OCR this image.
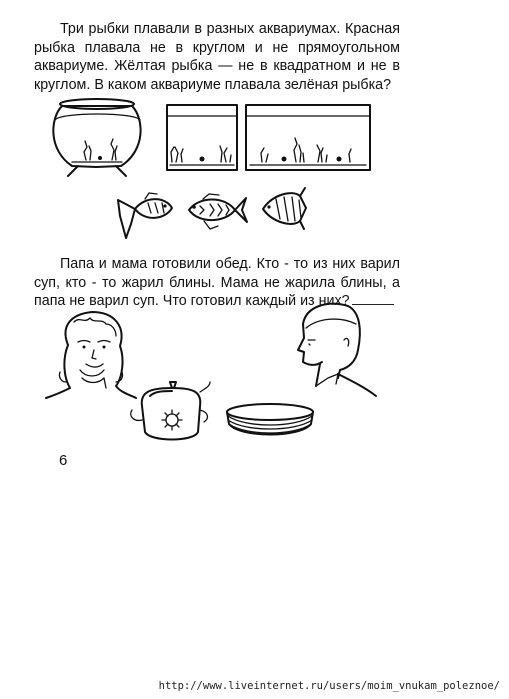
Три рыбки плавали в разных аквариумах. Красная рыбка плавала не в круглом и не прямоугольном аквариуме. Жёлтая рыбка — не в квадратном и не в круглом. В каком аквариуме плавала зелёная рыбка?

Папа и мама готовили обед. Кто - то из них варил суп, кто - то жарил блины. Мама не жарила блины, а папа не варил суп. Что готовил каждый из них?

6
http://www.liveinternet.ru/users/moim_vnukam_poleznoe/
